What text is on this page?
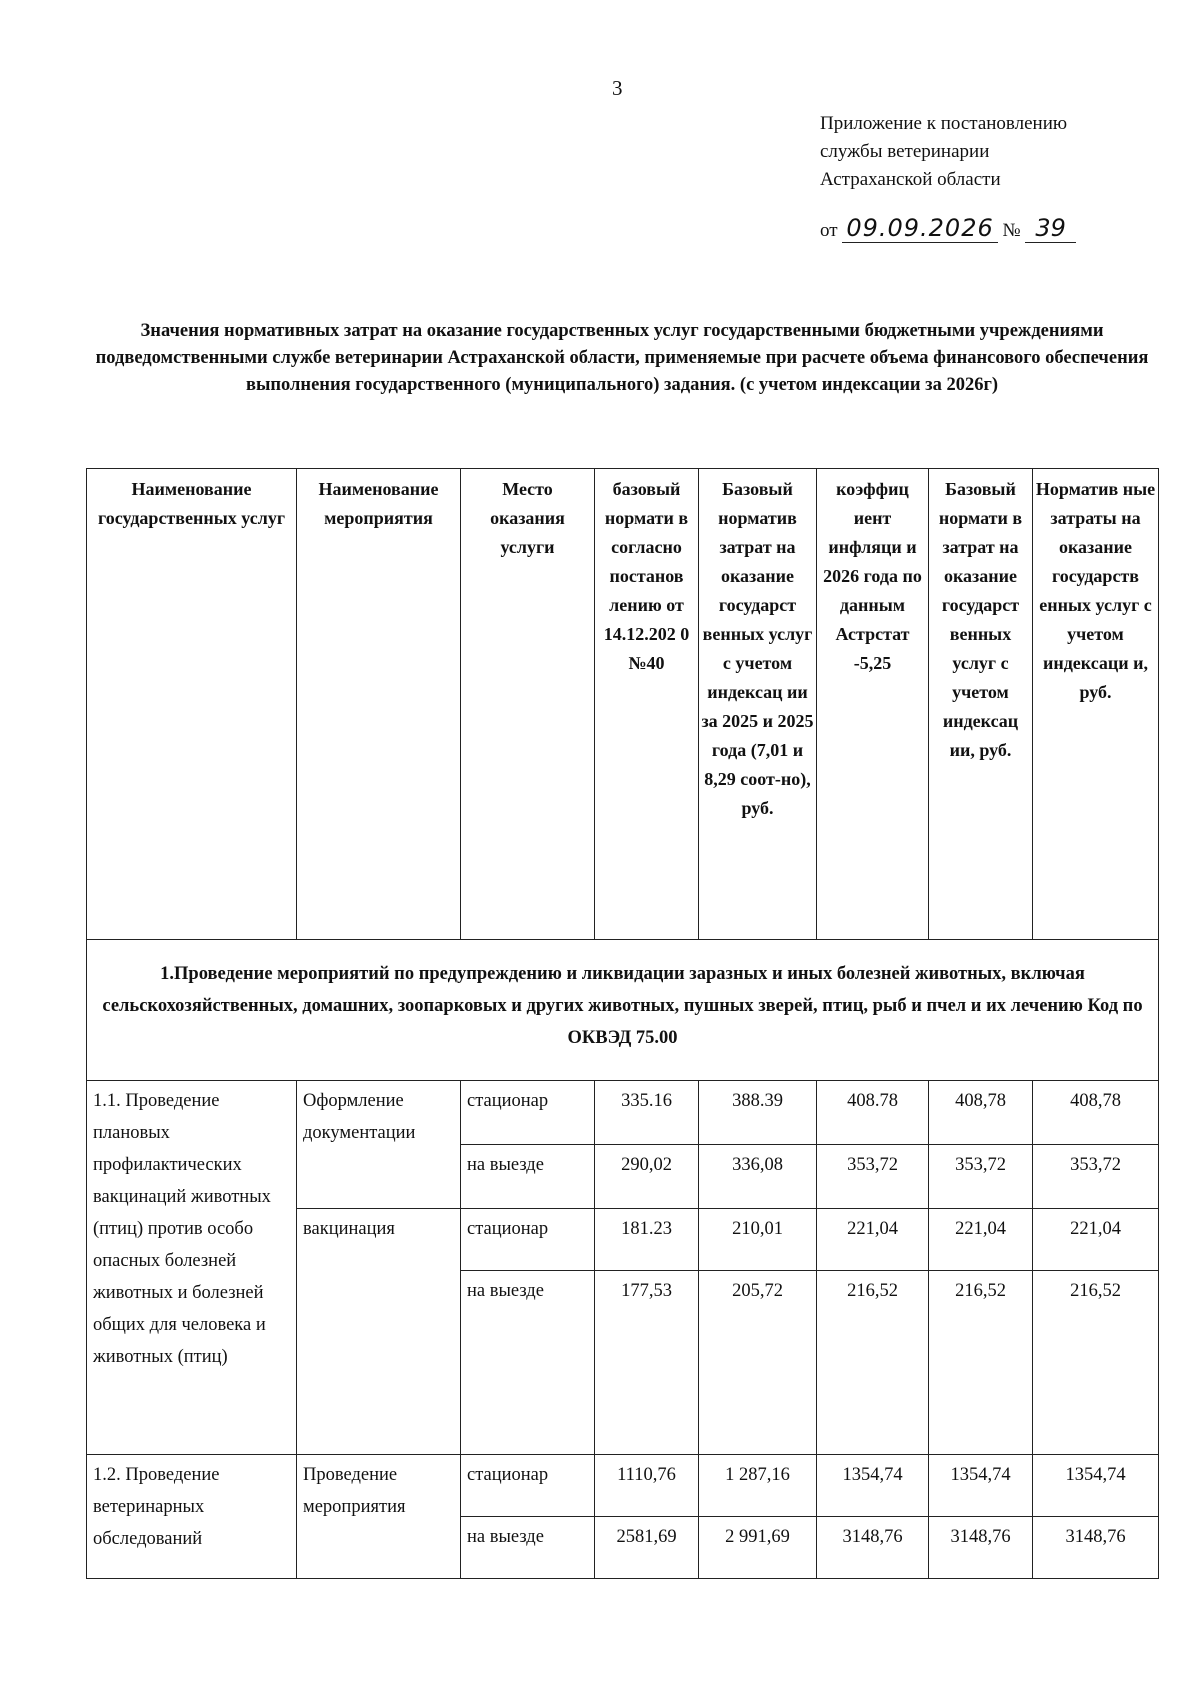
3
Приложение к постановлению
службы ветеринарии
Астраханской области
от 09.09.2026 № 39
Значения нормативных затрат на оказание государственных услуг государственными бюджетными учреждениями подведомственными службе ветеринарии Астраханской области, применяемые при расчете объема финансового обеспечения выполнения государственного (муниципального) задания. (с учетом индексации за 2026г)
Наименование государственных услуг	Наименование мероприятия	Место оказания услуги	базовый нормати в согласно постанов лению от 14.12.202 0 №40	Базовый норматив затрат на оказание государст венных услуг с учетом индексац ии за 2025 и 2025 года (7,01 и 8,29 соот-но), руб.	коэффиц иент инфляци и 2026 года по данным Астрстат -5,25	Базовый нормати в затрат на оказание государст венных услуг с учетом индексац ии, руб.	Норматив ные затраты на оказание государств енных услуг с учетом индексаци и, руб.
1.Проведение мероприятий по предупреждению и ликвидации заразных и иных болезней животных, включая сельскохозяйственных, домашних, зоопарковых и других животных, пушных зверей, птиц, рыб и пчел и их лечению Код по ОКВЭД 75.00							
1.1. Проведение плановых профилактических вакцинаций животных (птиц) против особо опасных болезней животных и болезней общих для человека и животных (птиц)	Оформление документации	стационар	335.16	388.39	408.78	408,78	408,78
		на выезде	290,02	336,08	353,72	353,72	353,72
	вакцинация	стационар	181.23	210,01	221,04	221,04	221,04
		на выезде	177,53	205,72	216,52	216,52	216,52
1.2. Проведение ветеринарных обследований	Проведение мероприятия	стационар	1110,76	1 287,16	1354,74	1354,74	1354,74
		на выезде	2581,69	2 991,69	3148,76	3148,76	3148,76
